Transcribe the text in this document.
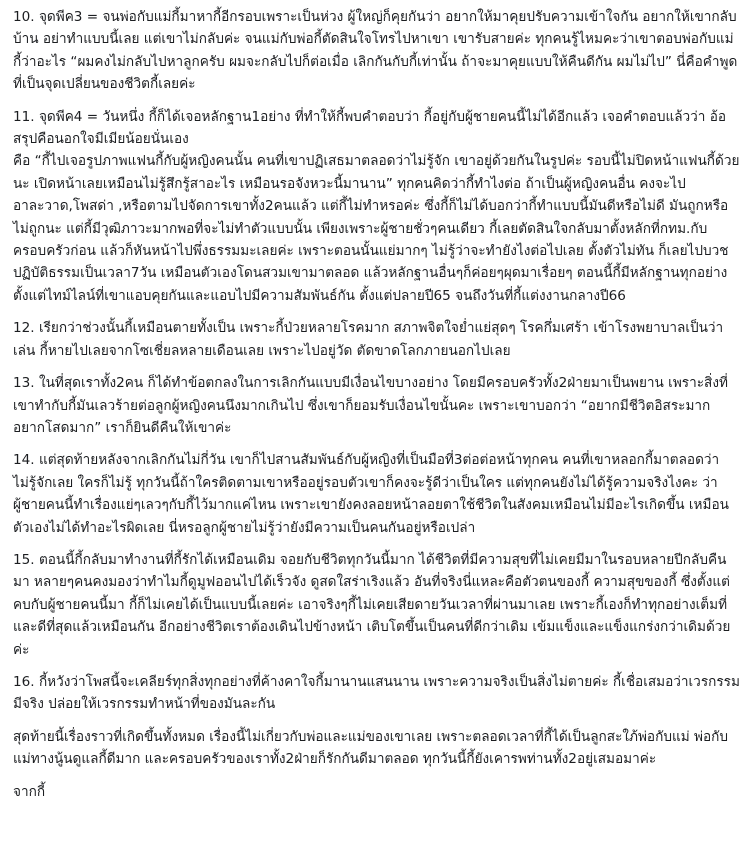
10. จุดพีค3 = จนพ่อกับแม่กี้มาหากี้อีกรอบเพราะเป็นห่วง ผู้ใหญ่ก็คุยกันว่า อยากให้มาคุยปรับความเข้าใจกัน อยากให้เขากลับบ้าน อย่าทำแบบนี้เลย แต่เขาไม่กลับค่ะ จนแม่กับพ่อกี้ตัดสินใจโทรไปหาเขา เขารับสายค่ะ ทุกคนรู้ไหมคะว่าเขาตอบพ่อกับแม่กี้ว่าอะไร “ผมคงไม่กลับไปหาลูกครับ ผมจะกลับไปก็ต่อเมื่อ เลิกกันกับกี้เท่านั้น ถ้าจะมาคุยแบบให้คืนดีกัน ผมไม่ไป” นี่คือคำพูดที่เป็นจุดเปลี่ยนของชีวิตกี้เลยค่ะ

11. จุดพีค4 = วันหนึ่ง กี้ก็ได้เจอหลักฐาน1อย่าง ที่ทำให้กี้พบคำตอบว่า กี้อยู่กับผู้ชายคนนี้ไม่ได้อีกแล้ว เจอคำตอบแล้วว่า อ้อสรุปคือนอกใจมีเมียน้อยนั่นเอง
คือ “กี้ไปเจอรูปภาพแฟนกี้กับผู้หญิงคนนั้น คนที่เขาปฏิเสธมาตลอดว่าไม่รู้จัก เขาอยู่ด้วยกันในรูปค่ะ รอบนี้ไม่ปิดหน้าแฟนกี้ด้วยนะ เปิดหน้าเลยเหมือนไม่รู้สึกรู้สาอะไร เหมือนรอจังหวะนี้มานาน” ทุกคนคิดว่ากี้ทำไงต่อ ถ้าเป็นผู้หญิงคนอื่น คงจะไปอาละวาด,โพสด่า ,หรือตามไปจัดการเขาทั้ง2คนแล้ว แต่กี้ไม่ทำหรอค่ะ ซึ่งกี้ก็ไม่ได้บอกว่ากี้ทำแบบนี้มันดีหรือไม่ดี มันถูกหรือไม่ถูกนะ แต่กี้มีวุฒิภาวะมากพอที่จะไม่ทำตัวแบบนั้น เพียงเพราะผู้ชายชั่วๆคนเดียว กี้เลยตัดสินใจกลับมาตั้งหลักที่กทม.กับครอบครัวก่อน แล้วก็หันหน้าไปพึ่งธรรมมะเลยค่ะ เพราะตอนนั้นแย่มากๆ ไม่รู้ว่าจะทำยังไงต่อไปเลย ตั้งตัวไม่ทัน ก็เลยไปบวชปฏิบัติธรรมเป็นเวลา7วัน เหมือนตัวเองโดนสวมเขามาตลอด แล้วหลักฐานอื่นๆก็ค่อยๆผุดมาเรื่อยๆ ตอนนี้กี้มีหลักฐานทุกอย่าง ตั้งแต่ไทม์ไลน์ที่เขาแอบคุยกันและแอบไปมีความสัมพันธ์กัน ตั้งแต่ปลายปี65 จนถึงวันที่กี้แต่งงานกลางปี66

12. เรียกว่าช่วงนั้นกี้เหมือนตายทั้งเป็น เพราะกี้ป่วยหลายโรคมาก สภาพจิตใจย่ำแย่สุดๆ โรคกึ่มเศร้า เข้าโรงพยาบาลเป็นว่าเล่น กี้หายไปเลยจากโซเชี่ยลหลายเดือนเลย เพราะไปอยู่วัด ตัดขาดโลกภายนอกไปเลย

13. ในที่สุดเราทั้ง2คน ก็ได้ทำข้อตกลงในการเลิกกันแบบมีเงื่อนไขบางอย่าง โดยมีครอบครัวทั้ง2ฝ่ายมาเป็นพยาน เพราะสิ่งที่เขาทำกับกี้มันเลวร้ายต่อลูกผู้หญิงคนนึงมากเกินไป ซึ่งเขาก็ยอมรับเงื่อนไขนั้นคะ เพราะเขาบอกว่า “อยากมีชีวิตอิสระมาก อยากโสดมาก” เราก็ยินดีคืนให้เขาค่ะ

14. แต่สุดท้ายหลังจากเลิกกันไม่กี่วัน เขาก็ไปสานสัมพันธ์กับผู้หญิงที่เป็นมือที่3ต่อต่อหน้าทุกคน คนที่เขาหลอกกี้มาตลอดว่าไม่รู้จักเลย ใครก็ไม่รู้ ทุกวันนี้ถ้าใครติดตามเขาหรืออยู่รอบตัวเขาก็คงจะรู้ดีว่าเป็นใคร แต่ทุกคนยังไม่ได้รู้ความจริงไงคะ ว่าผู้ชายคนนี้ทำเรื่องแย่ๆเลวๆกับกี้ไว้มากแค่ไหน เพราะเขายังคงลอยหน้าลอยตาใช้ชีวิตในสังคมเหมือนไม่มีอะไรเกิดขึ้น เหมือนตัวเองไม่ได้ทำอะไรผิดเลย นี่หรอลูกผู้ชายไม่รู้ว่ายังมีความเป็นคนกันอยู่หรือเปล่า

15. ตอนนี้กี้กลับมาทำงานที่กี้รักได้เหมือนเดิม จอยกับชีวิตทุกวันนี้มาก ได้ชีวิตที่มีความสุขที่ไม่เคยมีมาในรอบหลายปีกลับคืนมา หลายๆคนคงมองว่าทำไมกี้ดูมูฟออนไปได้เร็วจัง ดูสดใสร่าเริงแล้ว อันที่จริงนี่แหละคือตัวตนของกี้ ความสุขของกี้ ซึ่งตั้งแต่คบกับผู้ชายคนนี้มา กี้ก็ไม่เคยได้เป็นแบบนี้เลยค่ะ เอาจริงๆกี้ไม่เคยเสียดายวันเวลาที่ผ่านมาเลย เพราะกี้เองก็ทำทุกอย่างเต็มที่และดีที่สุดแล้วเหมือนกัน อีกอย่างชีวิตเราต้องเดินไปข้างหน้า เติบโตขึ้นเป็นคนที่ดีกว่าเดิม เข้มแข็งและแข็งแกร่งกว่าเดิมด้วยค่ะ

16. กี้หวังว่าโพสนี้จะเคลียร์ทุกสิ่งทุกอย่างที่ค้างคาใจกี้มานานแสนนาน เพราะความจริงเป็นสิ่งไม่ตายค่ะ กี้เชื่อเสมอว่าเวรกรรมมีจริง ปล่อยให้เวรกรรมทำหน้าที่ของมันละกัน

สุดท้ายนี้เรื่องราวที่เกิดขึ้นทั้งหมด เรื่องนี้ไม่เกี่ยวกับพ่อและแม่ของเขาเลย เพราะตลอดเวลาที่กี้ได้เป็นลูกสะใภ้พ่อกับแม่ พ่อกับแม่ทางนู้นดูแลกี้ดีมาก และครอบครัวของเราทั้ง2ฝ่ายก็รักกันดีมาตลอด ทุกวันนี้กี้ยังเคารพท่านทั้ง2อยู่เสมอมาค่ะ

จากกี้
